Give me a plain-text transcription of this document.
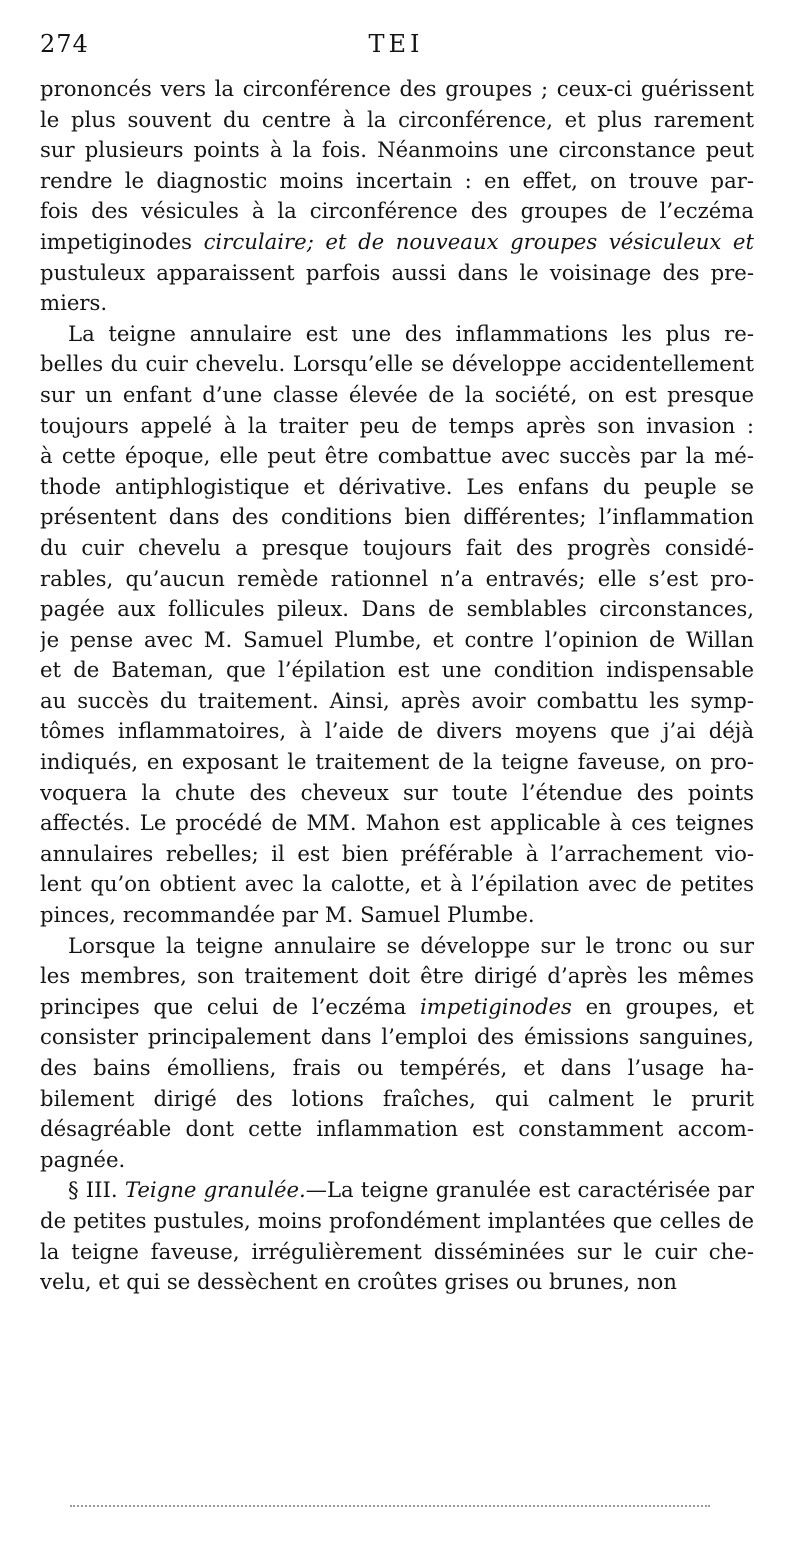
274	TEI
prononcés vers la circonférence des groupes ; ceux-ci guérissent
le plus souvent du centre à la circonférence, et plus rarement
sur plusieurs points à la fois. Néanmoins une circonstance peut
rendre le diagnostic moins incertain : en effet, on trouve par-
fois des vésicules à la circonférence des groupes de l’eczéma
impetiginodes circulaire; et de nouveaux groupes vésiculeux et
pustuleux apparaissent parfois aussi dans le voisinage des pre-
miers.
La teigne annulaire est une des inflammations les plus re-
belles du cuir chevelu. Lorsqu’elle se développe accidentellement
sur un enfant d’une classe élevée de la société, on est presque
toujours appelé à la traiter peu de temps après son invasion :
à cette époque, elle peut être combattue avec succès par la mé-
thode antiphlogistique et dérivative. Les enfans du peuple se
présentent dans des conditions bien différentes; l’inflammation
du cuir chevelu a presque toujours fait des progrès considé-
rables, qu’aucun remède rationnel n’a entravés; elle s’est pro-
pagée aux follicules pileux. Dans de semblables circonstances,
je pense avec M. Samuel Plumbe, et contre l’opinion de Willan
et de Bateman, que l’épilation est une condition indispensable
au succès du traitement. Ainsi, après avoir combattu les symp-
tômes inflammatoires, à l’aide de divers moyens que j’ai déjà
indiqués, en exposant le traitement de la teigne faveuse, on pro-
voquera la chute des cheveux sur toute l’étendue des points
affectés. Le procédé de MM. Mahon est applicable à ces teignes
annulaires rebelles; il est bien préférable à l’arrachement vio-
lent qu’on obtient avec la calotte, et à l’épilation avec de petites
pinces, recommandée par M. Samuel Plumbe.
Lorsque la teigne annulaire se développe sur le tronc ou sur
les membres, son traitement doit être dirigé d’après les mêmes
principes que celui de l’eczéma impetiginodes en groupes, et
consister principalement dans l’emploi des émissions sanguines,
des bains émolliens, frais ou tempérés, et dans l’usage ha-
bilement dirigé des lotions fraîches, qui calment le prurit
désagréable dont cette inflammation est constamment accom-
pagnée.
§ III. Teigne granulée.—La teigne granulée est caractérisée par
de petites pustules, moins profondément implantées que celles de
la teigne faveuse, irrégulièrement disséminées sur le cuir che-
velu, et qui se dessèchent en croûtes grises ou brunes, non
